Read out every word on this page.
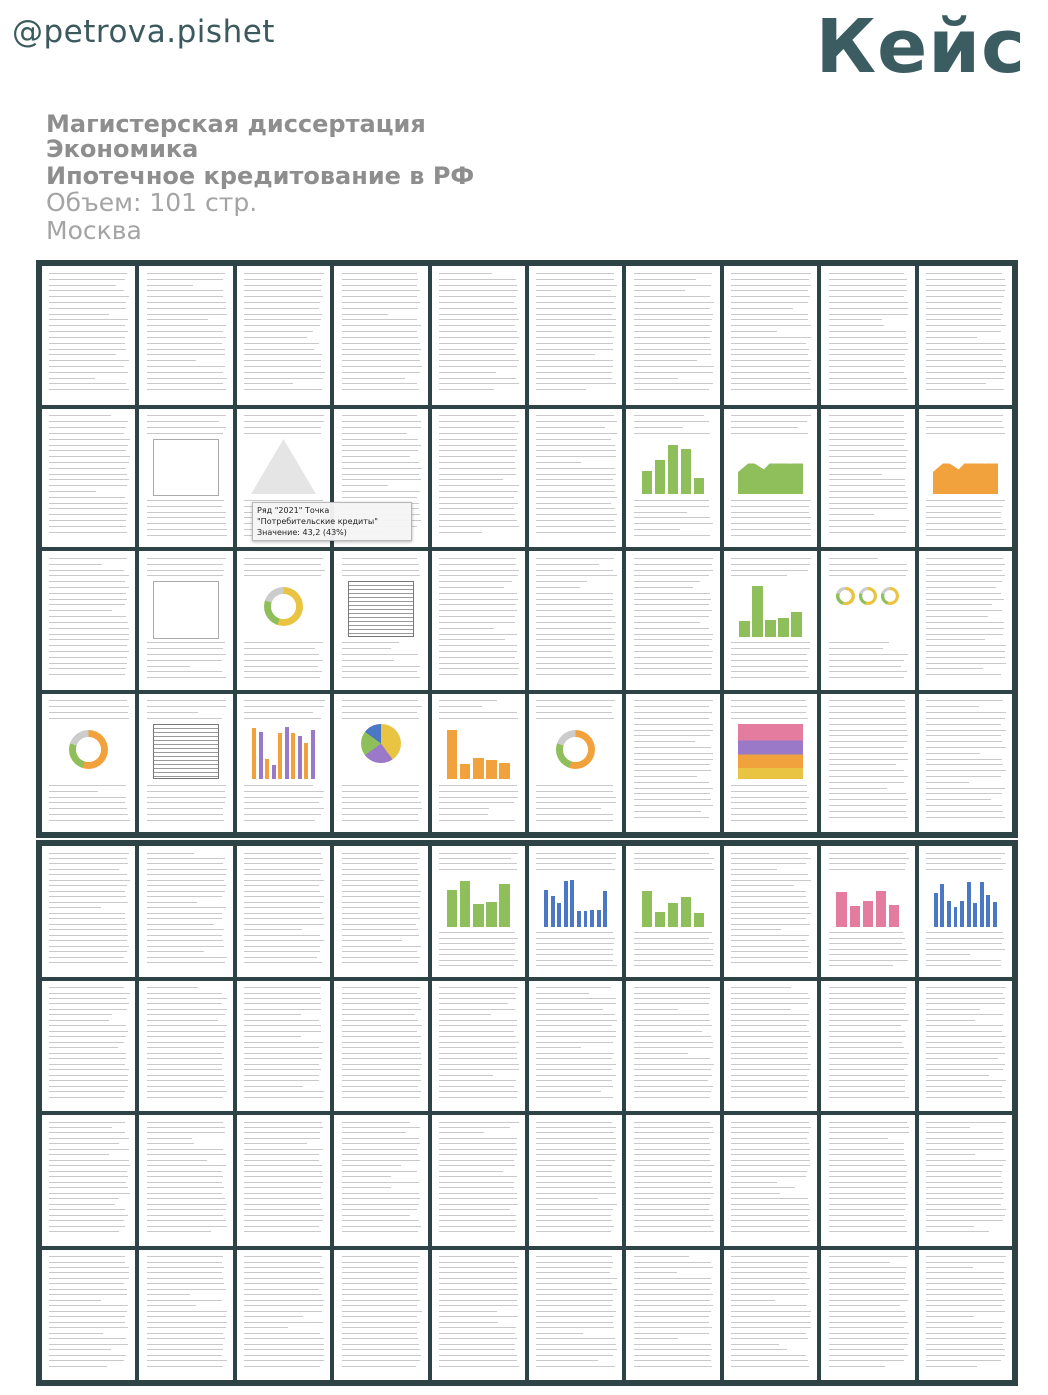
@petrova.pishet	Кейс
Магистерская диссертация
Экономика
Ипотечное кредитование в РФ
Объем: 101 стр.
Москва
Ряд "2021" Точка "Потребительские кредиты"
Значение: 43,2 (43%)
